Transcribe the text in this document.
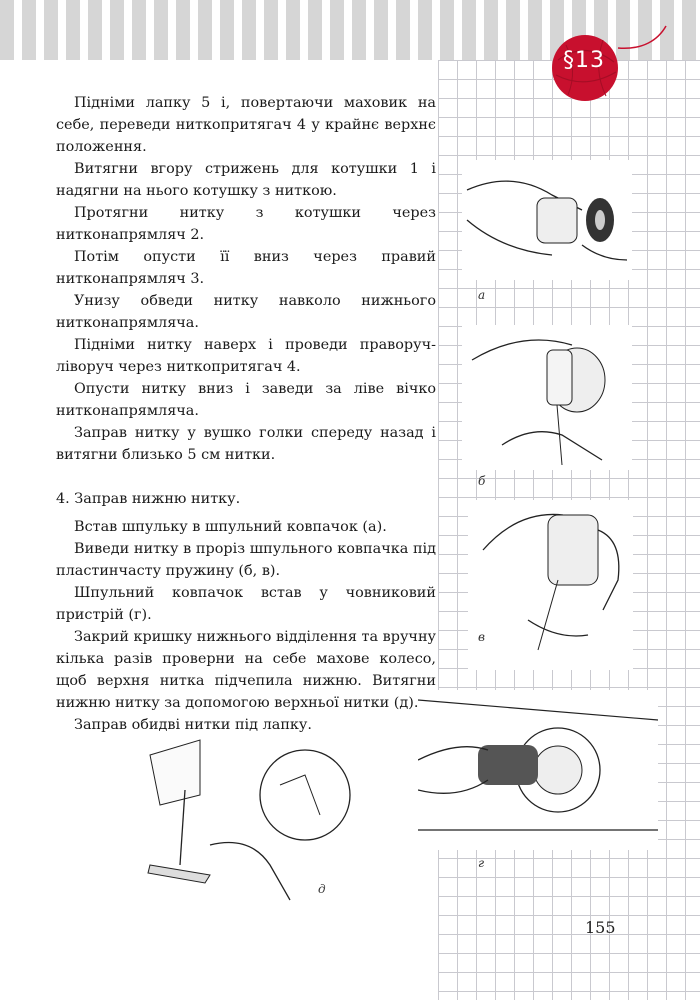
§13

Підніми лапку 5 і, повертаючи маховик на себе, переведи ниткопритягач 4 у крайнє верхнє положення.

Витягни вгору стрижень для котушки 1 і надягни на нього котушку з ниткою.

Протягни нитку з котушки через нитконапрямляч 2.

Потім опусти її вниз через правий нитконапрямляч 3.

Унизу обведи нитку навколо нижнього нитконапрямляча.

Підніми нитку наверх і проведи праворуч-ліворуч через ниткопритягач 4.

Опусти нитку вниз і заведи за ліве вічко нитконапрямляча.

Заправ нитку у вушко голки спереду назад і витягни близько 5 см нитки.

4. Заправ нижню нитку.

Встав шпульку в шпульний ковпачок (а).

Виведи нитку в проріз шпульного ковпачка під пластинчасту пружину (б, в).

Шпульний ковпачок встав у човниковий пристрій (г).

Закрий кришку нижнього відділення та вручну кілька разів проверни на себе махове колесо, щоб верхня нитка підчепила нижню. Витягни нижню нитку за допомогою верхньої нитки (д).

Заправ обидві нитки під лапку.

а
б
в
г
д
155
